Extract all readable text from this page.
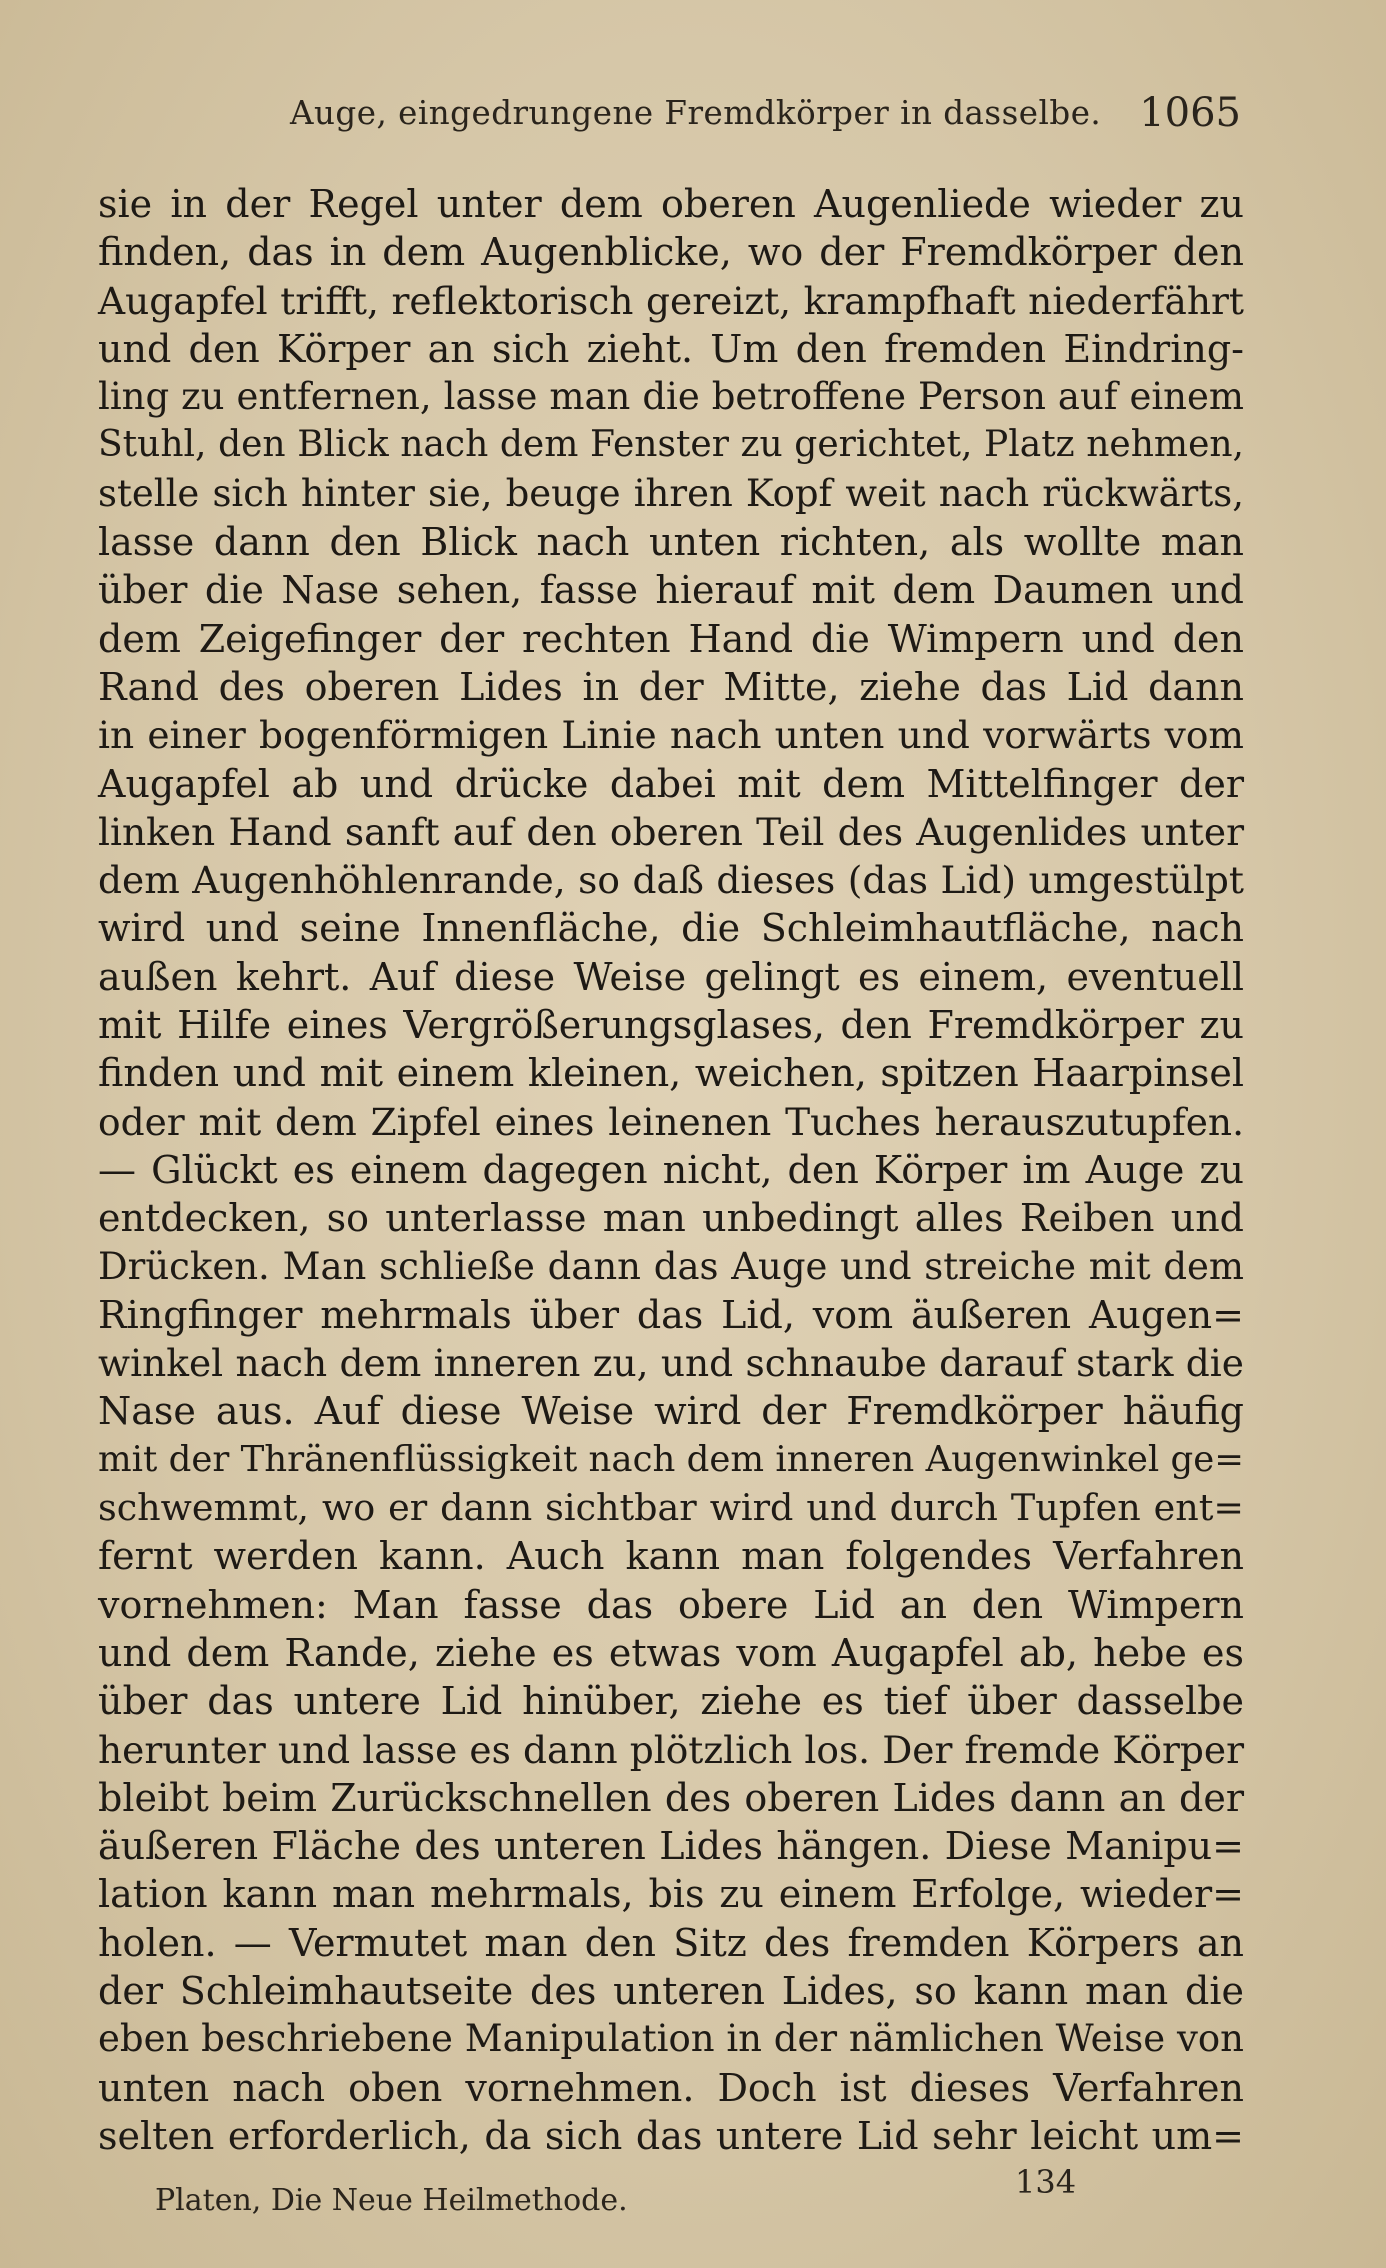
Auge, eingedrungene Fremdkörper in dasselbe. 1065
sie in der Regel unter dem oberen Augenliede wieder zu
finden, das in dem Augenblicke, wo der Fremdkörper den
Augapfel trifft, reflektorisch gereizt, krampfhaft niederfährt
und den Körper an sich zieht. Um den fremden Eindring-
ling zu entfernen, lasse man die betroffene Person auf einem
Stuhl, den Blick nach dem Fenster zu gerichtet, Platz nehmen,
stelle sich hinter sie, beuge ihren Kopf weit nach rückwärts,
lasse dann den Blick nach unten richten, als wollte man
über die Nase sehen, fasse hierauf mit dem Daumen und
dem Zeigefinger der rechten Hand die Wimpern und den
Rand des oberen Lides in der Mitte, ziehe das Lid dann
in einer bogenförmigen Linie nach unten und vorwärts vom
Augapfel ab und drücke dabei mit dem Mittelfinger der
linken Hand sanft auf den oberen Teil des Augenlides unter
dem Augenhöhlenrande, so daß dieses (das Lid) umgestülpt
wird und seine Innenfläche, die Schleimhautfläche, nach
außen kehrt. Auf diese Weise gelingt es einem, eventuell
mit Hilfe eines Vergrößerungsglases, den Fremdkörper zu
finden und mit einem kleinen, weichen, spitzen Haarpinsel
oder mit dem Zipfel eines leinenen Tuches herauszutupfen.
— Glückt es einem dagegen nicht, den Körper im Auge zu
entdecken, so unterlasse man unbedingt alles Reiben und
Drücken. Man schließe dann das Auge und streiche mit dem
Ringfinger mehrmals über das Lid, vom äußeren Augen=
winkel nach dem inneren zu, und schnaube darauf stark die
Nase aus. Auf diese Weise wird der Fremdkörper häufig
mit der Thränenflüssigkeit nach dem inneren Augenwinkel ge=
schwemmt, wo er dann sichtbar wird und durch Tupfen ent=
fernt werden kann. Auch kann man folgendes Verfahren
vornehmen: Man fasse das obere Lid an den Wimpern
und dem Rande, ziehe es etwas vom Augapfel ab, hebe es
über das untere Lid hinüber, ziehe es tief über dasselbe
herunter und lasse es dann plötzlich los. Der fremde Körper
bleibt beim Zurückschnellen des oberen Lides dann an der
äußeren Fläche des unteren Lides hängen. Diese Manipu=
lation kann man mehrmals, bis zu einem Erfolge, wieder=
holen. — Vermutet man den Sitz des fremden Körpers an
der Schleimhautseite des unteren Lides, so kann man die
eben beschriebene Manipulation in der nämlichen Weise von
unten nach oben vornehmen. Doch ist dieses Verfahren
selten erforderlich, da sich das untere Lid sehr leicht um=
Platen, Die Neue Heilmethode.	134
